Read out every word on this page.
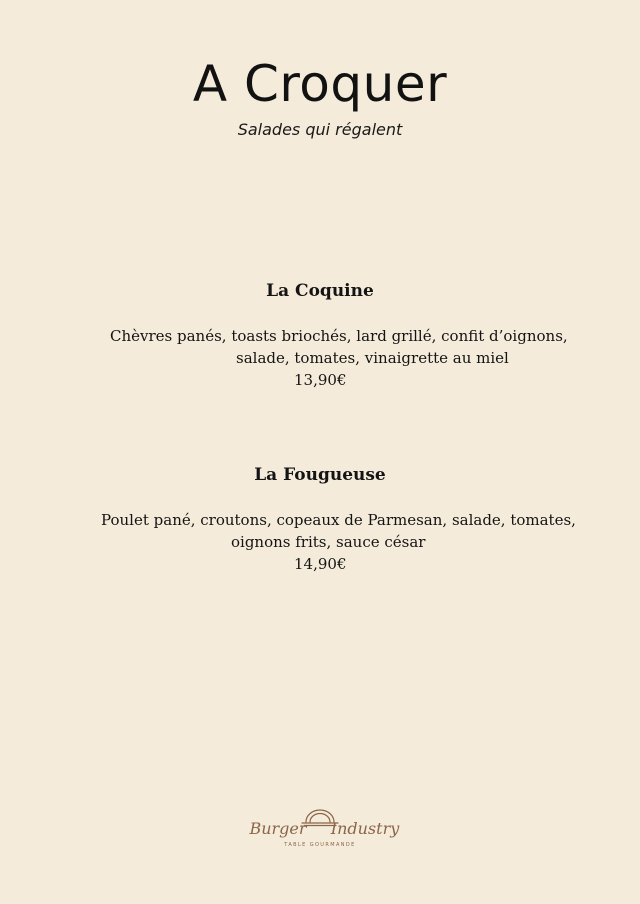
A Croquer
Salades qui régalent
La Coquine
Chèvres panés, toasts briochés, lard grillé, confit d’oignons,
salade, tomates, vinaigrette au miel
13,90€
La Fougueuse
Poulet pané, croutons, copeaux de Parmesan, salade, tomates,
oignons frits, sauce césar
14,90€
Burger Industry
TABLE GOURMANDE
